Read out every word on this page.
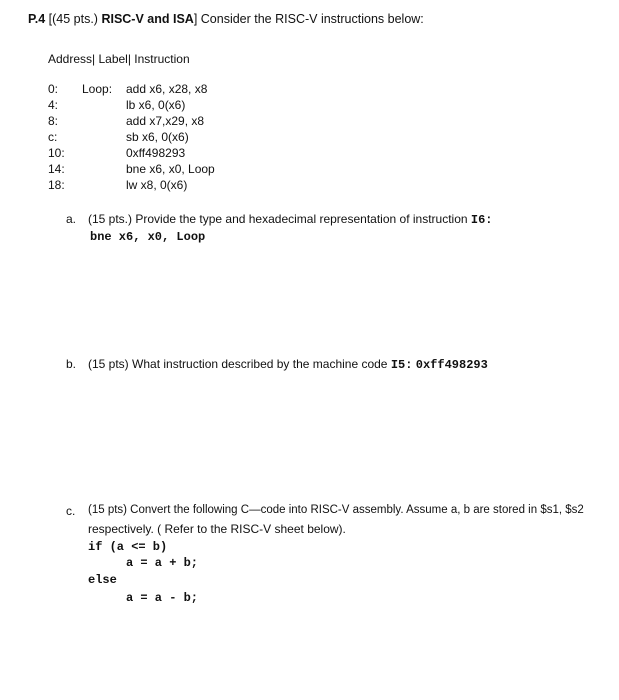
P.4 [(45 pts.) RISC-V and ISA] Consider the RISC-V instructions below:
Address| Label| Instruction
0: Loop: add x6, x28, x8
4:	lb x6, 0(x6)
8:	add x7,x29, x8
c:	sb x6, 0(x6)
10:	0xff498293
14:	bne x6, x0, Loop
18:	lw x8, 0(x6)
a. (15 pts.) Provide the type and hexadecimal representation of instruction I6:
bne x6, x0, Loop
b. (15 pts) What instruction described by the machine code I5: 0xff498293
c. (15 pts) Convert the following C—code into RISC-V assembly. Assume a, b are stored in $s1, $s2
respectively. ( Refer to the RISC-V sheet below).
if (a <= b)
a = a + b;
else
a = a - b;
